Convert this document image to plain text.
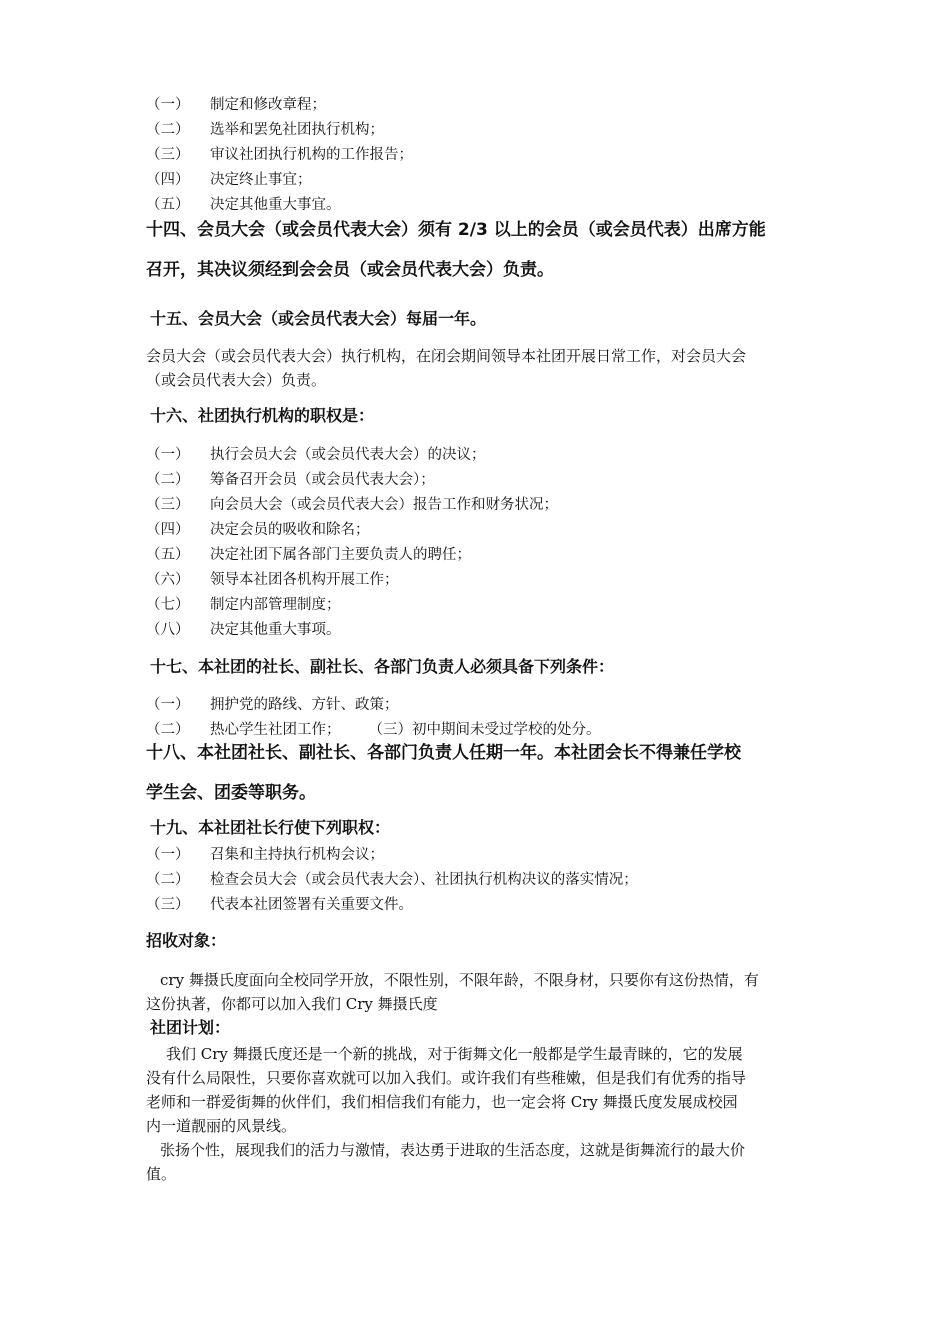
（一） 制定和修改章程；
（二） 选举和罢免社团执行机构；
（三） 审议社团执行机构的工作报告；
（四） 决定终止事宜；
（五） 决定其他重大事宜。
十四、会员大会（或会员代表大会）须有 2/3 以上的会员（或会员代表）出席方能
召开，其决议须经到会会员（或会员代表大会）负责。
十五、会员大会（或会员代表大会）每届一年。
会员大会（或会员代表大会）执行机构，在闭会期间领导本社团开展日常工作，对会员大会
（或会员代表大会）负责。
十六、社团执行机构的职权是：
（一） 执行会员大会（或会员代表大会）的决议；
（二） 筹备召开会员（或会员代表大会）；
（三） 向会员大会（或会员代表大会）报告工作和财务状况；
（四） 决定会员的吸收和除名；
（五） 决定社团下属各部门主要负责人的聘任；
（六） 领导本社团各机构开展工作；
（七） 制定内部管理制度；
（八） 决定其他重大事项。
十七、本社团的社长、副社长、各部门负责人必须具备下列条件：
（一） 拥护党的路线、方针、政策；
（二） 热心学生社团工作； （三）初中期间未受过学校的处分。
十八、本社团社长、副社长、各部门负责人任期一年。本社团会长不得兼任学校
学生会、团委等职务。
十九、本社团社长行使下列职权：
（一） 召集和主持执行机构会议；
（二） 检查会员大会（或会员代表大会）、社团执行机构决议的落实情况；
（三） 代表本社团签署有关重要文件。
招收对象：
cry 舞摄氏度面向全校同学开放，不限性别，不限年龄，不限身材，只要你有这份热情，有
这份执著，你都可以加入我们 Cry 舞摄氏度
社团计划：
我们 Cry 舞摄氏度还是一个新的挑战，对于街舞文化一般都是学生最青睐的，它的发展
没有什么局限性，只要你喜欢就可以加入我们。或许我们有些稚嫩，但是我们有优秀的指导
老师和一群爱街舞的伙伴们，我们相信我们有能力，也一定会将 Cry 舞摄氏度发展成校园
内一道靓丽的风景线。
张扬个性，展现我们的活力与激情，表达勇于进取的生活态度，这就是街舞流行的最大价
值。
